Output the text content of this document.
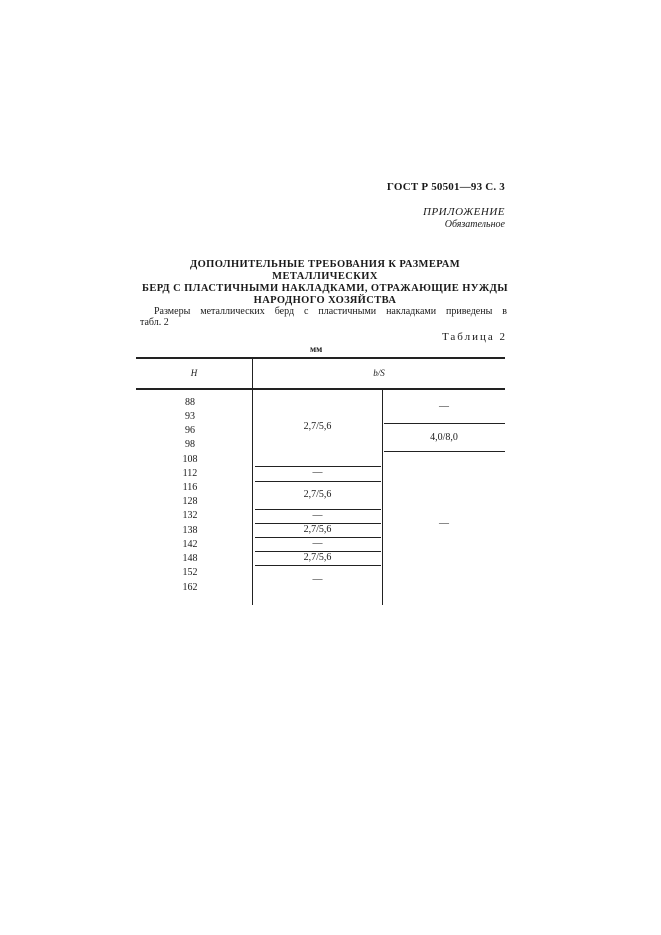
ГОСТ Р 50501—93 С. 3
ПРИЛОЖЕНИЕ
Обязательное
ДОПОЛНИТЕЛЬНЫЕ ТРЕБОВАНИЯ К РАЗМЕРАМ МЕТАЛЛИЧЕСКИХ
БЕРД С ПЛАСТИЧНЫМИ НАКЛАДКАМИ, ОТРАЖАЮЩИЕ НУЖДЫ
НАРОДНОГО ХОЗЯЙСТВА
Размеры металлических берд с пластичными накладками приведены в
табл. 2
Таблица 2
мм
H	b/S
88
93
96
98
108
112
116
128
132
138
142
148
152
162
2,7/5,6
—
2,7/5,6
—
2,7/5,6
—
2,7/5,6
—
—
4,0/8,0
—
